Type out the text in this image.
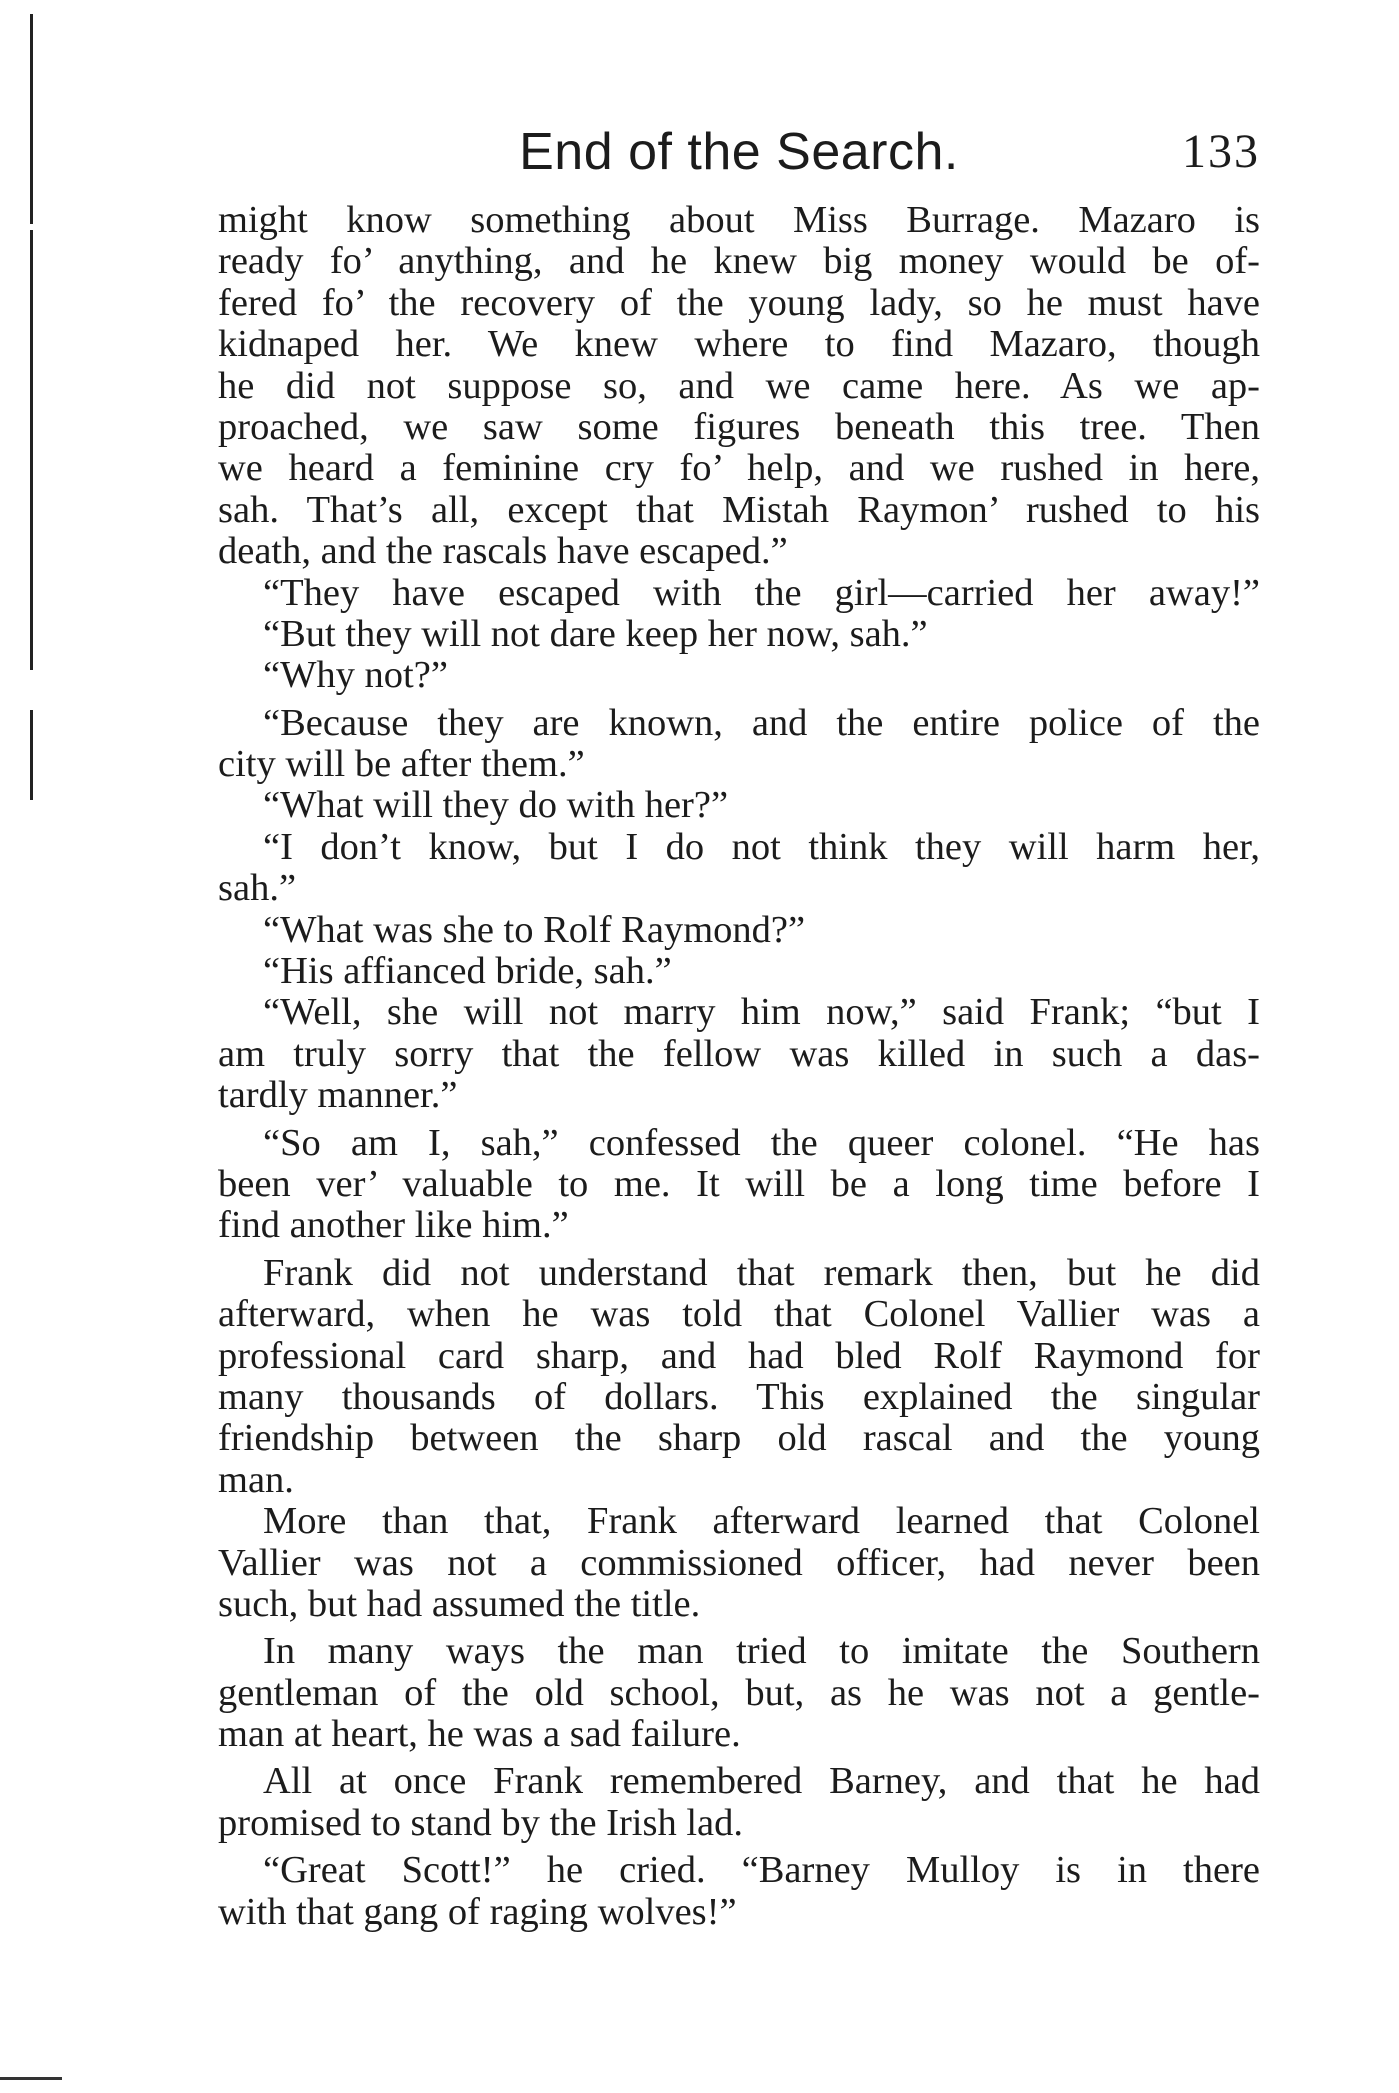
End of the Search.	133
might know something about Miss Burrage. Mazaro is
ready fo’ anything, and he knew big money would be of-
fered fo’ the recovery of the young lady, so he must have
kidnaped her. We knew where to find Mazaro, though
he did not suppose so, and we came here. As we ap-
proached, we saw some figures beneath this tree. Then
we heard a feminine cry fo’ help, and we rushed in here,
sah. That’s all, except that Mistah Raymon’ rushed to his
death, and the rascals have escaped.”
“They have escaped with the girl—carried her away!”
“But they will not dare keep her now, sah.”
“Why not?”
“Because they are known, and the entire police of the
city will be after them.”
“What will they do with her?”
“I don’t know, but I do not think they will harm her,
sah.”
“What was she to Rolf Raymond?”
“His affianced bride, sah.”
“Well, she will not marry him now,” said Frank; “but I
am truly sorry that the fellow was killed in such a das-
tardly manner.”
“So am I, sah,” confessed the queer colonel. “He has
been ver’ valuable to me. It will be a long time before I
find another like him.”
Frank did not understand that remark then, but he did
afterward, when he was told that Colonel Vallier was a
professional card sharp, and had bled Rolf Raymond for
many thousands of dollars. This explained the singular
friendship between the sharp old rascal and the young
man.
More than that, Frank afterward learned that Colonel
Vallier was not a commissioned officer, had never been
such, but had assumed the title.
In many ways the man tried to imitate the Southern
gentleman of the old school, but, as he was not a gentle-
man at heart, he was a sad failure.
All at once Frank remembered Barney, and that he had
promised to stand by the Irish lad.
“Great Scott!” he cried. “Barney Mulloy is in there
with that gang of raging wolves!”
